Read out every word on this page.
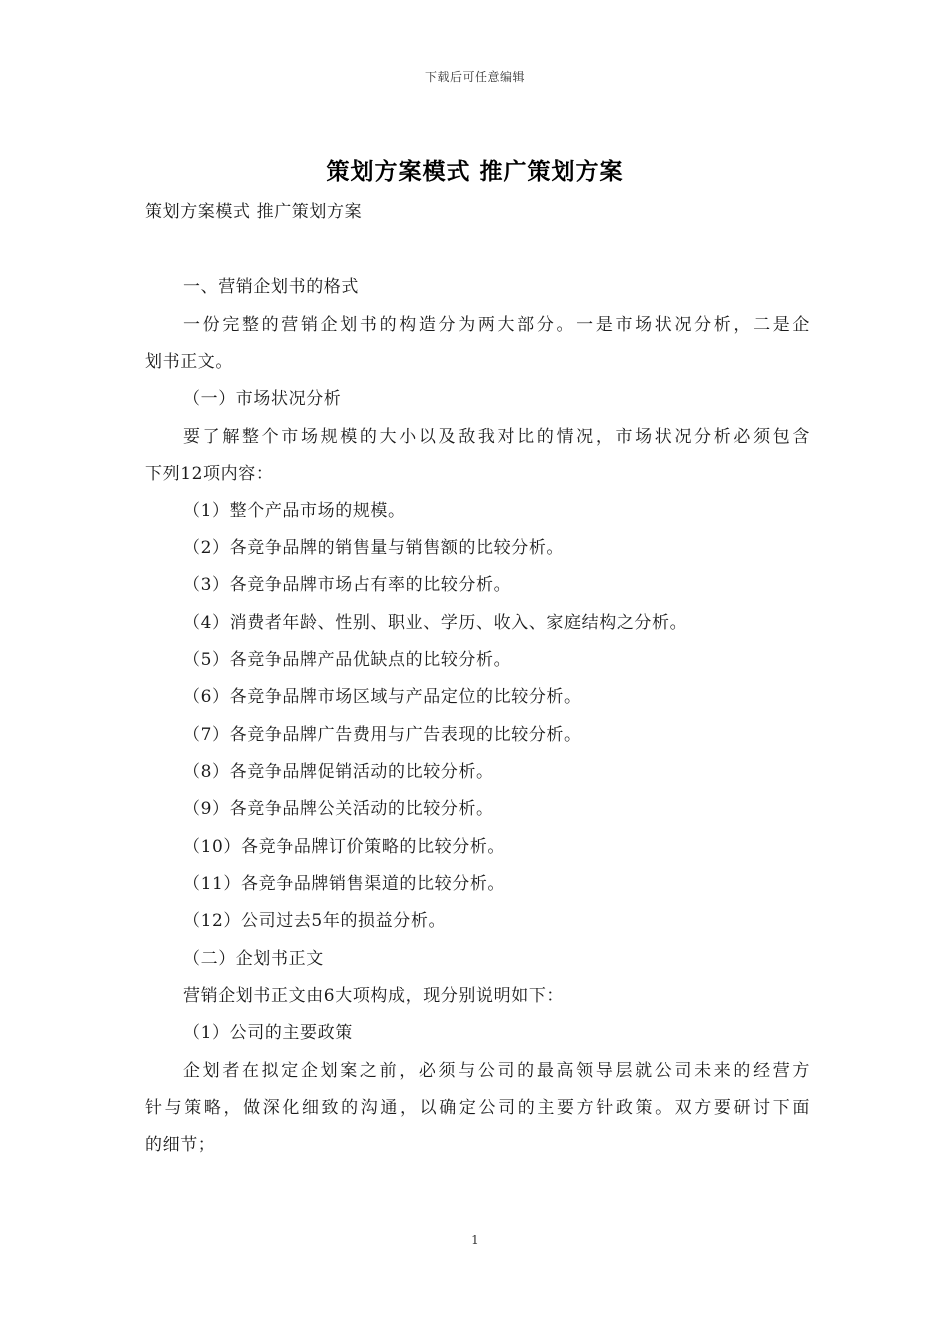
下载后可任意编辑
策划方案模式 推广策划方案
策划方案模式 推广策划方案
一、营销企划书的格式
一份完整的营销企划书的构造分为两大部分。一是市场状况分析，二是企
划书正文。
（一）市场状况分析
要了解整个市场规模的大小以及敌我对比的情况，市场状况分析必须包含
下列12项内容：
（1）整个产品市场的规模。
（2）各竞争品牌的销售量与销售额的比较分析。
（3）各竞争品牌市场占有率的比较分析。
（4）消费者年龄、性别、职业、学历、收入、家庭结构之分析。
（5）各竞争品牌产品优缺点的比较分析。
（6）各竞争品牌市场区域与产品定位的比较分析。
（7）各竞争品牌广告费用与广告表现的比较分析。
（8）各竞争品牌促销活动的比较分析。
（9）各竞争品牌公关活动的比较分析。
（10）各竞争品牌订价策略的比较分析。
（11）各竞争品牌销售渠道的比较分析。
（12）公司过去5年的损益分析。
（二）企划书正文
营销企划书正文由6大项构成，现分别说明如下：
（1）公司的主要政策
企划者在拟定企划案之前，必须与公司的最高领导层就公司未来的经营方
针与策略，做深化细致的沟通，以确定公司的主要方针政策。双方要研讨下面
的细节；
1
